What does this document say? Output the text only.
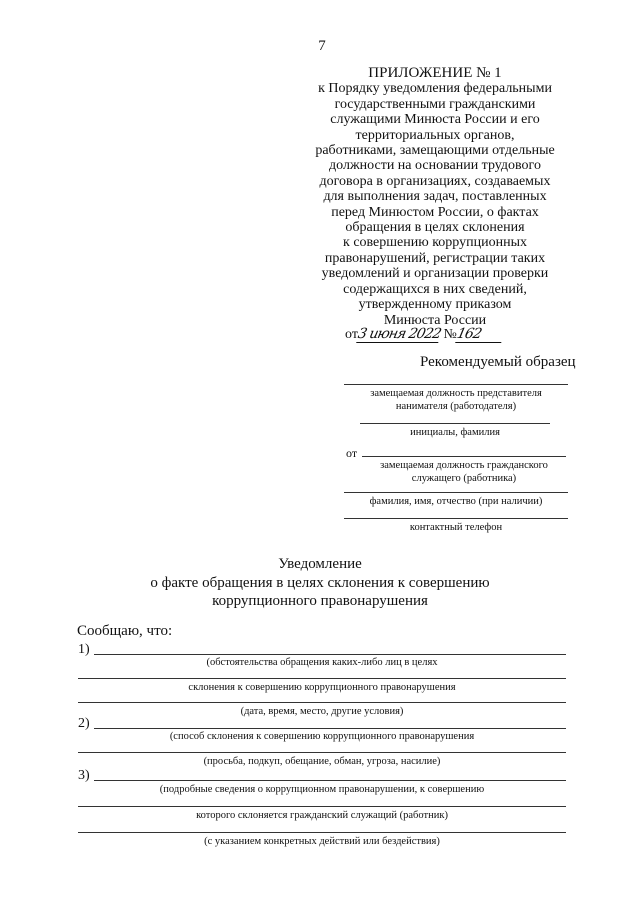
7
ПРИЛОЖЕНИЕ № 1
к Порядку уведомления федеральными
государственными гражданскими
служащими Минюста России и его
территориальных органов,
работниками, замещающими отдельные
должности на основании трудового
договора в организациях, создаваемых
для выполнения задач, поставленных
перед Минюстом России, о фактах
обращения в целях склонения
к совершению коррупционных
правонарушений, регистрации таких
уведомлений и организации проверки
содержащихся в них сведений,
утвержденному приказом
Минюста России
от3 июня 2022 №162
Рекомендуемый образец
замещаемая должность представителя
нанимателя (работодателя)
инициалы, фамилия
от
замещаемая должность гражданского
служащего (работника)
фамилия, имя, отчество (при наличии)
контактный телефон
Уведомление
о факте обращения в целях склонения к совершению
коррупционного правонарушения
Сообщаю, что:
1)
(обстоятельства обращения каких-либо лиц в целях
склонения к совершению коррупционного правонарушения
(дата, время, место, другие условия)
2)
(способ склонения к совершению коррупционного правонарушения
(просьба, подкуп, обещание, обман, угроза, насилие)
3)
(подробные сведения о коррупционном правонарушении, к совершению
которого склоняется гражданский служащий (работник)
(с указанием конкретных действий или бездействия)
